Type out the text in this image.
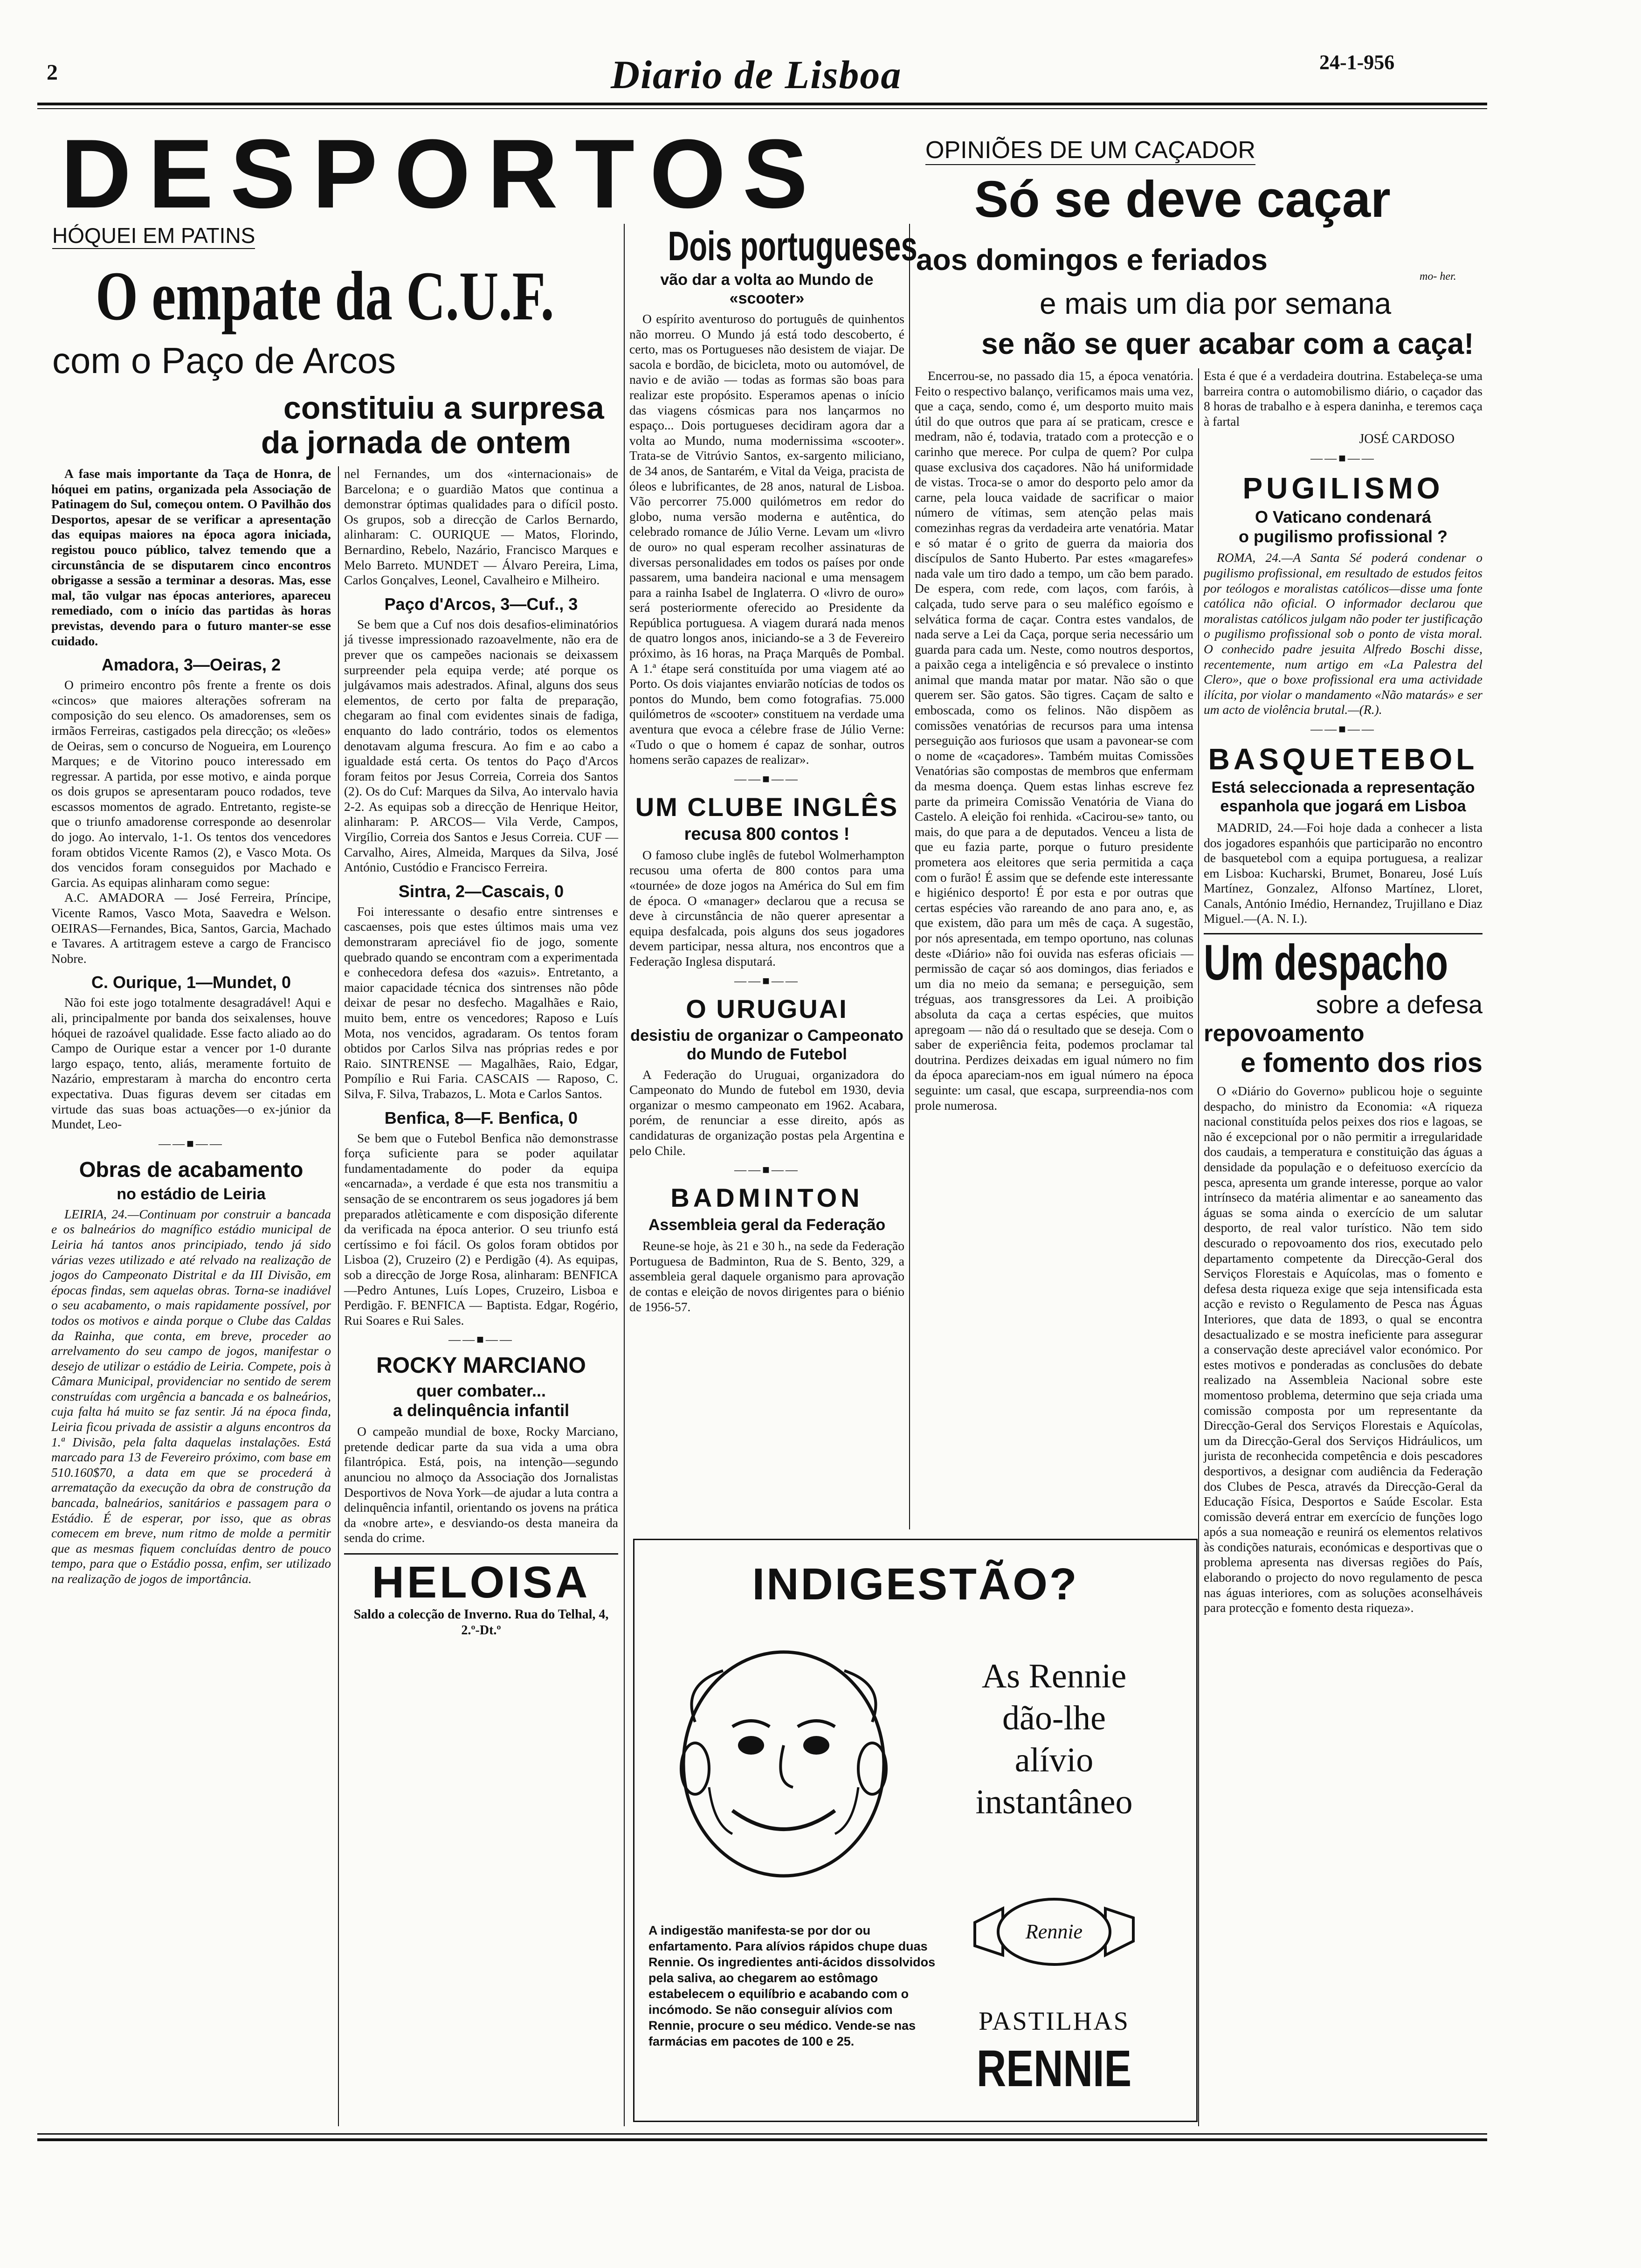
2	Diario de Lisboa	24-1-956
DESPORTOS
HÓQUEI EM PATINS
O empate da C.U.F.
com o Paço de Arcos
constituiu a surpresa
da jornada de ontem

A fase mais importante da Taça de Honra, de hóquei em patins, organizada pela Associação de Patinagem do Sul, começou ontem. O Pavilhão dos Desportos, apesar de se verificar a apresentação das equipas maiores na época agora iniciada, registou pouco público, talvez temendo que a circunstância de se disputarem cinco encontros obrigasse a sessão a terminar a desoras. Mas, esse mal, tão vulgar nas épocas anteriores, apareceu remediado, com o início das partidas às horas previstas, devendo para o futuro manter-se esse cuidado.

Amadora, 3—Oeiras, 2

O primeiro encontro pôs frente a frente os dois «cincos» que maiores alterações sofreram na composição do seu elenco. Os amadorenses, sem os irmãos Ferreiras, castigados pela direcção; os «leões» de Oeiras, sem o concurso de Nogueira, em Lourenço Marques; e de Vitorino pouco interessado em regressar. A partida, por esse motivo, e ainda porque os dois grupos se apresentaram pouco rodados, teve escassos momentos de agrado. Entretanto, registe-se que o triunfo amadorense corresponde ao desenrolar do jogo. Ao intervalo, 1-1. Os tentos dos vencedores foram obtidos Vicente Ramos (2), e Vasco Mota. Os dos vencidos foram conseguidos por Machado e Garcia. As equipas alinharam como segue:

A.C. AMADORA — José Ferreira, Príncipe, Vicente Ramos, Vasco Mota, Saavedra e Welson. OEIRAS—Fernandes, Bica, Santos, Garcia, Machado e Tavares. A artitragem esteve a cargo de Francisco Nobre.

C. Ourique, 1—Mundet, 0

Não foi este jogo totalmente desagradável! Aqui e ali, principalmente por banda dos seixalenses, houve hóquei de razoável qualidade. Esse facto aliado ao do Campo de Ourique estar a vencer por 1-0 durante largo espaço, tento, aliás, meramente fortuito de Nazário, emprestaram à marcha do encontro certa expectativa. Duas figuras devem ser citadas em virtude das suas boas actuações—o ex-júnior da Mundet, Leo-

——■——
Obras de acabamento
no estádio de Leiria

LEIRIA, 24.—Continuam por construir a bancada e os balneários do magnífico estádio municipal de Leiria há tantos anos principiado, tendo já sido várias vezes utilizado e até relvado na realização de jogos do Campeonato Distrital e da III Divisão, em épocas findas, sem aquelas obras. Torna-se inadiável o seu acabamento, o mais rapidamente possível, por todos os motivos e ainda porque o Clube das Caldas da Rainha, que conta, em breve, proceder ao arrelvamento do seu campo de jogos, manifestar o desejo de utilizar o estádio de Leiria. Compete, pois à Câmara Municipal, providenciar no sentido de serem construídas com urgência a bancada e os balneários, cuja falta há muito se faz sentir. Já na época finda, Leiria ficou privada de assistir a alguns encontros da 1.ª Divisão, pela falta daquelas instalações. Está marcado para 13 de Fevereiro próximo, com base em 510.160$70, a data em que se procederá à arrematação da execução da obra de construção da bancada, balneários, sanitários e passagem para o Estádio. É de esperar, por isso, que as obras comecem em breve, num ritmo de molde a permitir que as mesmas fiquem concluídas dentro de pouco tempo, para que o Estádio possa, enfim, ser utilizado na realização de jogos de importância.

nel Fernandes, um dos «internacionais» de Barcelona; e o guardião Matos que continua a demonstrar óptimas qualidades para o difícil posto. Os grupos, sob a direcção de Carlos Bernardo, alinharam: C. OURIQUE — Matos, Florindo, Bernardino, Rebelo, Nazário, Francisco Marques e Melo Barreto. MUNDET — Álvaro Pereira, Lima, Carlos Gonçalves, Leonel, Cavalheiro e Milheiro.

Paço d'Arcos, 3—Cuf., 3

Se bem que a Cuf nos dois desafios-eliminatórios já tivesse impressionado razoavelmente, não era de prever que os campeões nacionais se deixassem surpreender pela equipa verde; até porque os julgávamos mais adestrados. Afinal, alguns dos seus elementos, de certo por falta de preparação, chegaram ao final com evidentes sinais de fadiga, enquanto do lado contrário, todos os elementos denotavam alguma frescura. Ao fim e ao cabo a igualdade está certa. Os tentos do Paço d'Arcos foram feitos por Jesus Correia, Correia dos Santos (2). Os do Cuf: Marques da Silva, Ao intervalo havia 2-2. As equipas sob a direcção de Henrique Heitor, alinharam: P. ARCOS— Vila Verde, Campos, Virgílio, Correia dos Santos e Jesus Correia. CUF — Carvalho, Aires, Almeida, Marques da Silva, José António, Custódio e Francisco Ferreira.

Sintra, 2—Cascais, 0

Foi interessante o desafio entre sintrenses e cascaenses, pois que estes últimos mais uma vez demonstraram apreciável fio de jogo, somente quebrado quando se encontram com a experimentada e conhecedora defesa dos «azuis». Entretanto, a maior capacidade técnica dos sintrenses não pôde deixar de pesar no desfecho. Magalhães e Raio, muito bem, entre os vencedores; Raposo e Luís Mota, nos vencidos, agradaram. Os tentos foram obtidos por Carlos Silva nas próprias redes e por Raio. SINTRENSE — Magalhães, Raio, Edgar, Pompílio e Rui Faria. CASCAIS — Raposo, C. Silva, F. Silva, Trabazos, L. Mota e Carlos Santos.

Benfica, 8—F. Benfica, 0

Se bem que o Futebol Benfica não demonstrasse força suficiente para se poder aquilatar fundamentadamente do poder da equipa «encarnada», a verdade é que esta nos transmitiu a sensação de se encontrarem os seus jogadores já bem preparados atlèticamente e com disposição diferente da verificada na época anterior. O seu triunfo está certíssimo e foi fácil. Os golos foram obtidos por Lisboa (2), Cruzeiro (2) e Perdigão (4). As equipas, sob a direcção de Jorge Rosa, alinharam: BENFICA—Pedro Antunes, Luís Lopes, Cruzeiro, Lisboa e Perdigão. F. BENFICA — Baptista. Edgar, Rogério, Rui Soares e Rui Sales.

——■——
ROCKY MARCIANO
quer combater...
a delinquência infantil

O campeão mundial de boxe, Rocky Marciano, pretende dedicar parte da sua vida a uma obra filantrópica. Está, pois, na intenção—segundo anunciou no almoço da Associação dos Jornalistas Desportivos de Nova York—de ajudar a luta contra a delinquência infantil, orientando os jovens na prática da «nobre arte», e desviando-os desta maneira da senda do crime.

HELOISA
Saldo a colecção de Inverno. Rua do Telhal, 4, 2.º-Dt.º
Dois portugueses
vão dar a volta ao Mundo de «scooter»

O espírito aventuroso do português de quinhentos não morreu. O Mundo já está todo descoberto, é certo, mas os Portugueses não desistem de viajar. De sacola e bordão, de bicicleta, moto ou automóvel, de navio e de avião — todas as formas são boas para realizar este propósito. Esperamos apenas o início das viagens cósmicas para nos lançarmos no espaço... Dois portugueses decidiram agora dar a volta ao Mundo, numa modernissima «scooter». Trata-se de Vitrúvio Santos, ex-sargento miliciano, de 34 anos, de Santarém, e Vital da Veiga, pracista de óleos e lubrificantes, de 28 anos, natural de Lisboa. Vão percorrer 75.000 quilómetros em redor do globo, numa versão moderna e autêntica, do celebrado romance de Júlio Verne. Levam um «livro de ouro» no qual esperam recolher assinaturas de diversas personalidades em todos os países por onde passarem, uma bandeira nacional e uma mensagem para a rainha Isabel de Inglaterra. O «livro de ouro» será posteriormente oferecido ao Presidente da República portuguesa. A viagem durará nada menos de quatro longos anos, iniciando-se a 3 de Fevereiro próximo, às 16 horas, na Praça Marquês de Pombal. A 1.ª étape será constituída por uma viagem até ao Porto. Os dois viajantes enviarão notícias de todos os pontos do Mundo, bem como fotografias. 75.000 quilómetros de «scooter» constituem na verdade uma aventura que evoca a célebre frase de Júlio Verne: «Tudo o que o homem é capaz de sonhar, outros homens serão capazes de realizar».

——■——
UM CLUBE INGLÊS
recusa 800 contos !

O famoso clube inglês de futebol Wolmerhampton recusou uma oferta de 800 contos para uma «tournée» de doze jogos na América do Sul em fim de época. O «manager» declarou que a recusa se deve à circunstância de não querer apresentar a equipa desfalcada, pois alguns dos seus jogadores devem participar, nessa altura, nos encontros que a Federação Inglesa disputará.

——■——
O URUGUAI
desistiu de organizar o Campeonato do Mundo de Futebol

A Federação do Uruguai, organizadora do Campeonato do Mundo de futebol em 1930, devia organizar o mesmo campeonato em 1962. Acabara, porém, de renunciar a esse direito, após as candidaturas de organização postas pela Argentina e pelo Chile.

——■——
BADMINTON
Assembleia geral da Federação

Reune-se hoje, às 21 e 30 h., na sede da Federação Portuguesa de Badminton, Rua de S. Bento, 329, a assembleia geral daquele organismo para aprovação de contas e eleição de novos dirigentes para o biénio de 1956-57.

OPINIÕES DE UM CAÇADOR
Só se deve caçar
aos domingos e feriados
e mais um dia por semana
mo- her.
se não se quer acabar com a caça!

Encerrou-se, no passado dia 15, a época venatória. Feito o respectivo balanço, verificamos mais uma vez, que a caça, sendo, como é, um desporto muito mais útil do que outros que para aí se praticam, cresce e medram, não é, todavia, tratado com a protecção e o carinho que merece. Por culpa de quem? Por culpa quase exclusiva dos caçadores. Não há uniformidade de vistas. Troca-se o amor do desporto pelo amor da carne, pela louca vaidade de sacrificar o maior número de vítimas, sem atenção pelas mais comezinhas regras da verdadeira arte venatória. Matar e só matar é o grito de guerra da maioria dos discípulos de Santo Huberto. Par estes «magarefes» nada vale um tiro dado a tempo, um cão bem parado. De espera, com rede, com laços, com faróis, à calçada, tudo serve para o seu maléfico egoísmo e selvática forma de caçar. Contra estes vandalos, de nada serve a Lei da Caça, porque seria necessário um guarda para cada um. Neste, como noutros desportos, a paixão cega a inteligência e só prevalece o instinto animal que manda matar por matar. Não são o que querem ser. São gatos. São tigres. Caçam de salto e emboscada, como os felinos. Não dispõem as comissões venatórias de recursos para uma intensa perseguição aos furiosos que usam a pavonear-se com o nome de «caçadores». Também muitas Comissões Venatórias são compostas de membros que enfermam da mesma doença. Quem estas linhas escreve fez parte da primeira Comissão Venatória de Viana do Castelo. A eleição foi renhida. «Cacirou-se» tanto, ou mais, do que para a de deputados. Venceu a lista de que eu fazia parte, porque o futuro presidente prometera aos eleitores que seria permitida a caça com o furão! É assim que se defende este interessante e higiénico desporto! É por esta e por outras que certas espécies vão rareando de ano para ano, e, as que existem, dão para um mês de caça. A sugestão, por nós apresentada, em tempo oportuno, nas colunas deste «Diário» não foi ouvida nas esferas oficiais — permissão de caçar só aos domingos, dias feriados e um dia no meio da semana; e perseguição, sem tréguas, aos transgressores da Lei. A proibição absoluta da caça a certas espécies, que muitos apregoam — não dá o resultado que se deseja. Com o saber de experiência feita, podemos proclamar tal doutrina. Perdizes deixadas em igual número no fim da época apareciam-nos em igual número na época seguinte: um casal, que escapa, surpreendia-nos com prole numerosa.

Esta é que é a verdadeira doutrina. Estabeleça-se uma barreira contra o automobilismo diário, o caçador das 8 horas de trabalho e à espera daninha, e teremos caça à fartal

JOSÉ CARDOSO
——■——
PUGILISMO
O Vaticano condenará
o pugilismo profissional ?

ROMA, 24.—A Santa Sé poderá condenar o pugilismo profissional, em resultado de estudos feitos por teólogos e moralistas católicos—disse uma fonte católica não oficial. O informador declarou que moralistas católicos julgam não poder ter justificação o pugilismo profissional sob o ponto de vista moral. O conhecido padre jesuita Alfredo Boschi disse, recentemente, num artigo em «La Palestra del Clero», que o boxe profissional era uma actividade ilícita, por violar o mandamento «Não matarás» e ser um acto de violência brutal.—(R.).

——■——
BASQUETEBOL
Está seleccionada a representação espanhola que jogará em Lisboa

MADRID, 24.—Foi hoje dada a conhecer a lista dos jogadores espanhóis que participarão no encontro de basquetebol com a equipa portuguesa, a realizar em Lisboa: Kucharski, Brumet, Bonareu, José Luís Martínez, Gonzalez, Alfonso Martínez, Lloret, Canals, António Imédio, Hernandez, Trujillano e Diaz Miguel.—(A. N. I.).

Um despacho
sobre a defesa
repovoamento
e fomento dos rios

O «Diário do Governo» publicou hoje o seguinte despacho, do ministro da Economia: «A riqueza nacional constituída pelos peixes dos rios e lagoas, se não é excepcional por o não permitir a irregularidade dos caudais, a temperatura e constituição das águas a densidade da população e o defeituoso exercício da pesca, apresenta um grande interesse, porque ao valor intrínseco da matéria alimentar e ao saneamento das águas se soma ainda o exercício de um salutar desporto, de real valor turístico. Não tem sido descurado o repovoamento dos rios, executado pelo departamento competente da Direcção-Geral dos Serviços Florestais e Aquícolas, mas o fomento e defesa desta riqueza exige que seja intensificada esta acção e revisto o Regulamento de Pesca nas Águas Interiores, que data de 1893, o qual se encontra desactualizado e se mostra ineficiente para assegurar a conservação deste apreciável valor económico. Por estes motivos e ponderadas as conclusões do debate realizado na Assembleia Nacional sobre este momentoso problema, determino que seja criada uma comissão composta por um representante da Direcção-Geral dos Serviços Florestais e Aquícolas, um da Direcção-Geral dos Serviços Hidráulicos, um jurista de reconhecida competência e dois pescadores desportivos, a designar com audiência da Federação dos Clubes de Pesca, através da Direcção-Geral da Educação Física, Desportos e Saúde Escolar. Esta comissão deverá entrar em exercício de funções logo após a sua nomeação e reunirá os elementos relativos às condições naturais, económicas e desportivas que o problema apresenta nas diversas regiões do País, elaborando o projecto do novo regulamento de pesca nas águas interiores, com as soluções aconselháveis para protecção e fomento desta riqueza».

INDIGESTÃO?
As Rennie
dão-lhe
alívio
instantâneo
Rennie
A indigestão manifesta-se por dor ou enfartamento. Para alívios rápidos chupe duas Rennie. Os ingredientes anti-ácidos dissolvidos pela saliva, ao chegarem ao estômago estabelecem o equilíbrio e acabando com o incómodo. Se não conseguir alívios com Rennie, procure o seu médico. Vende-se nas farmácias em pacotes de 100 e 25.
PASTILHAS
RENNIE
